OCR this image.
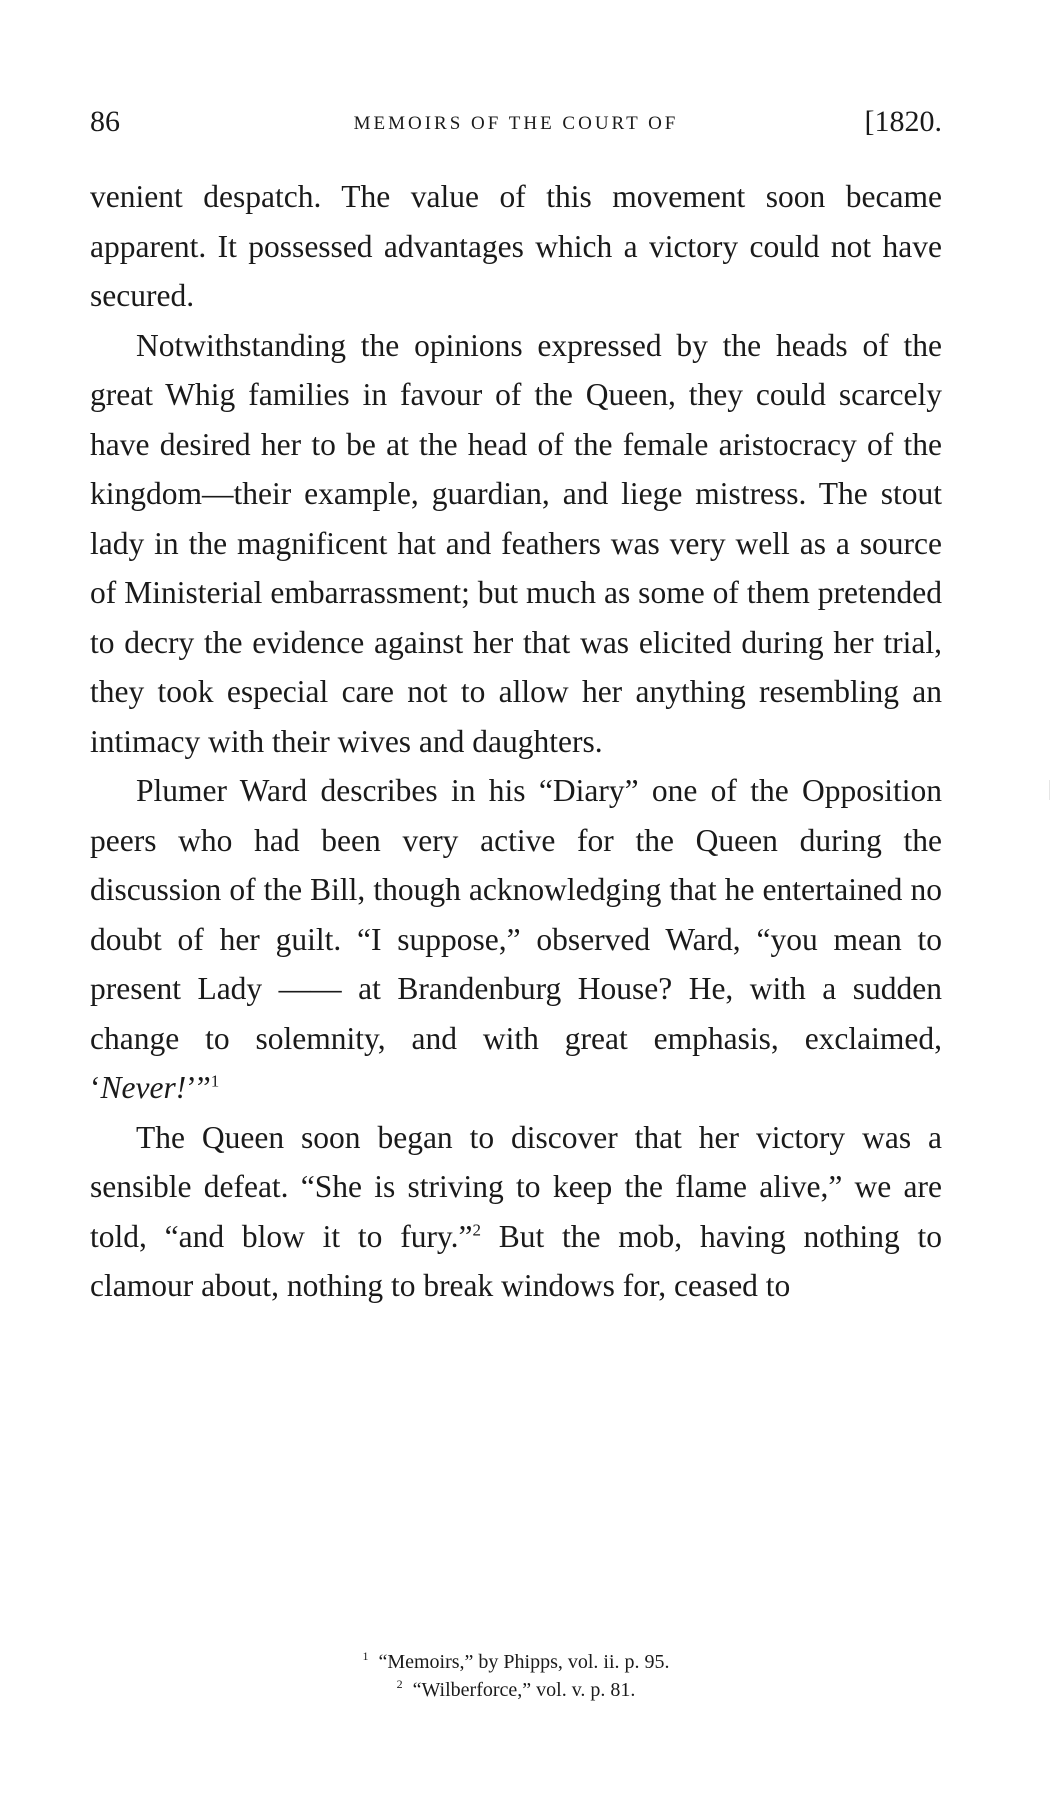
86	MEMOIRS OF THE COURT OF	[1820.

venient despatch. The value of this movement soon became apparent. It possessed advantages which a victory could not have secured.

Notwithstanding the opinions expressed by the heads of the great Whig families in favour of the Queen, they could scarcely have desired her to be at the head of the female aristocracy of the kingdom—their example, guardian, and liege mistress. The stout lady in the magnificent hat and feathers was very well as a source of Ministerial embarrassment; but much as some of them pretended to decry the evidence against her that was elicited during her trial, they took especial care not to allow her anything resembling an intimacy with their wives and daughters.

Plumer Ward describes in his “Diary” one of the Opposition peers who had been very active for the Queen during the discussion of the Bill, though acknowledging that he entertained no doubt of her guilt. “I suppose,” observed Ward, “you mean to present Lady —— at Brandenburg House? He, with a sudden change to solemnity, and with great emphasis, exclaimed, ‘Never!’”$^1$

The Queen soon began to discover that her victory was a sensible defeat. “She is striving to keep the flame alive,” we are told, “and blow it to fury.”$^2$ But the mob, having nothing to clamour about, nothing to break windows for, ceased to

$^1$ “Memoirs,” by Phipps, vol. ii. p. 95.
$^2$ “Wilberforce,” vol. v. p. 81.
